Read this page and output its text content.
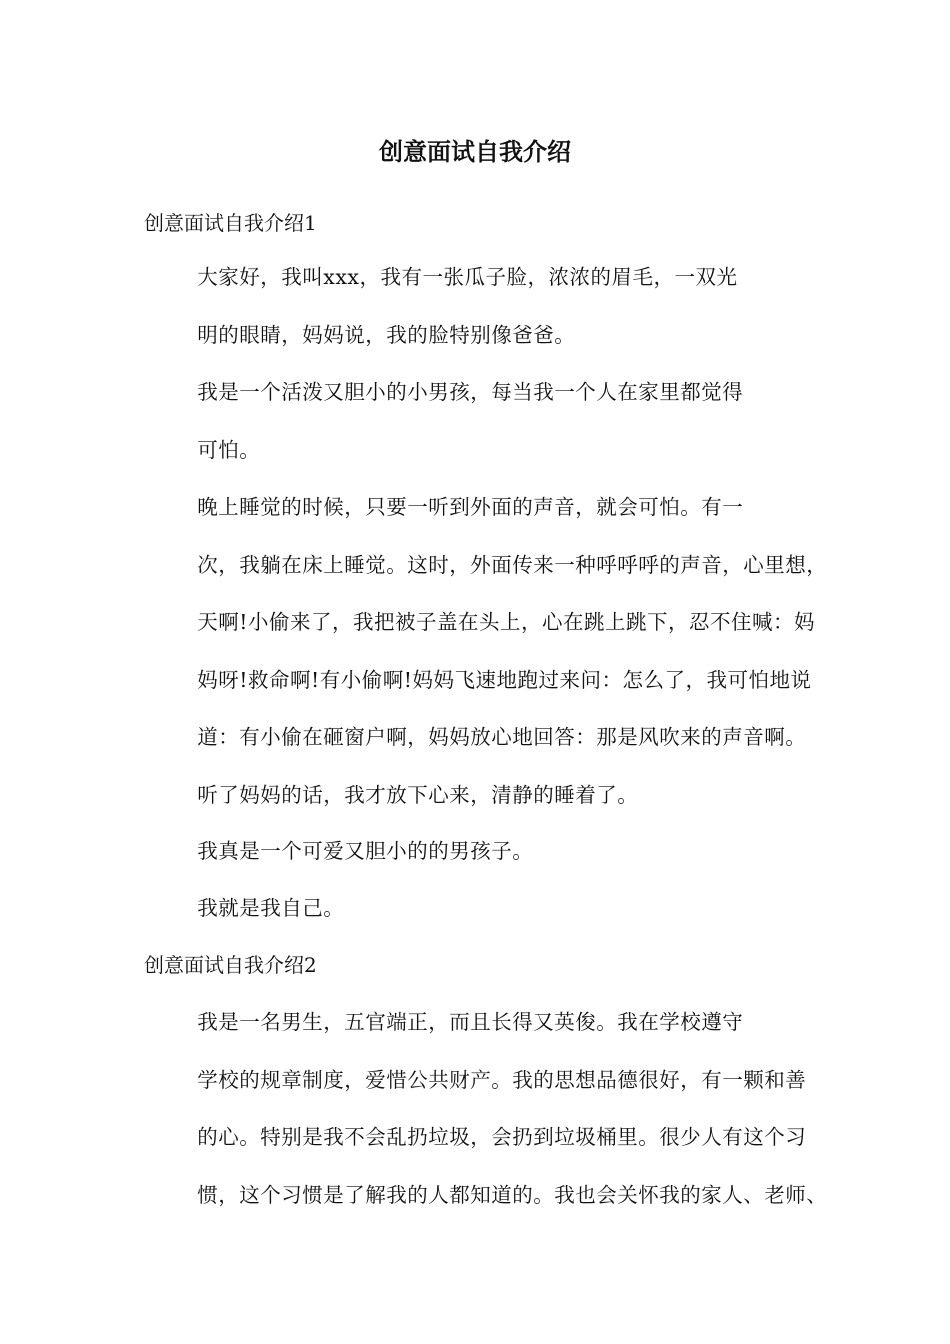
创意面试自我介绍
创意面试自我介绍1

大家好，我叫xxx，我有一张瓜子脸，浓浓的眉毛，一双光
明的眼睛，妈妈说，我的脸特别像爸爸。

我是一个活泼又胆小的小男孩，每当我一个人在家里都觉得
可怕。

晚上睡觉的时候，只要一听到外面的声音，就会可怕。有一
次，我躺在床上睡觉。这时，外面传来一种呼呼呼的声音，心里想，
天啊!小偷来了，我把被子盖在头上，心在跳上跳下，忍不住喊：妈
妈呀!救命啊!有小偷啊!妈妈飞速地跑过来问：怎么了，我可怕地说
道：有小偷在砸窗户啊，妈妈放心地回答：那是风吹来的声音啊。
听了妈妈的话，我才放下心来，清静的睡着了。

我真是一个可爱又胆小的的男孩子。

我就是我自己。

创意面试自我介绍2

我是一名男生，五官端正，而且长得又英俊。我在学校遵守
学校的规章制度，爱惜公共财产。我的思想品德很好，有一颗和善
的心。特别是我不会乱扔垃圾，会扔到垃圾桶里。很少人有这个习
惯，这个习惯是了解我的人都知道的。我也会关怀我的家人、老师、
